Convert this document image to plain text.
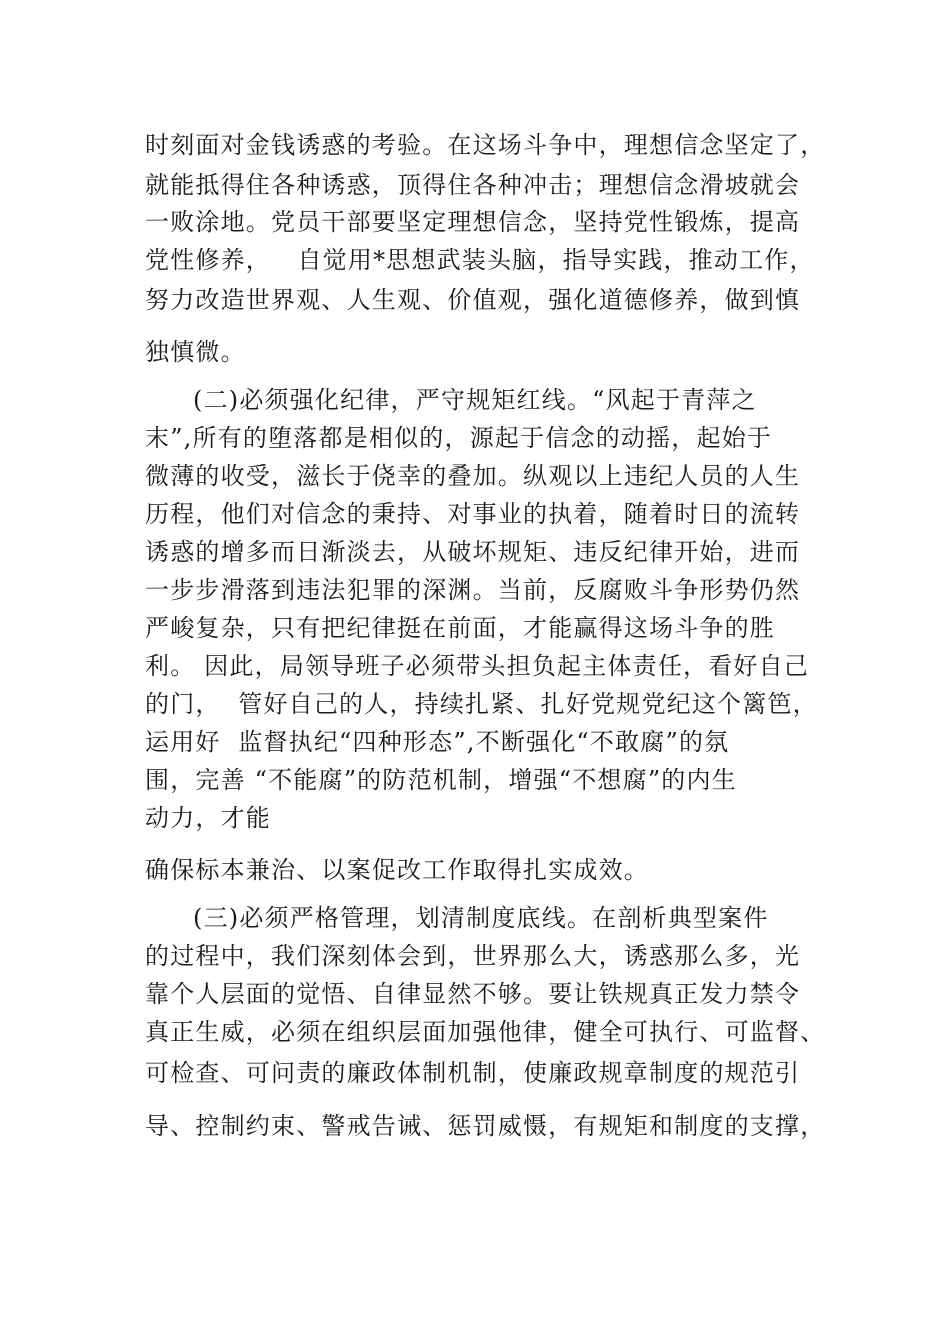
时刻面对金钱诱惑的考验。在这场斗争中，理想信念坚定了，
就能抵得住各种诱惑，顶得住各种冲击；理想信念滑坡就会
一败涂地。党员干部要坚定理想信念，坚持党性锻炼，提高
党性修养，   自觉用*思想武装头脑，指导实践，推动工作，
努力改造世界观、人生观、价值观，强化道德修养，做到慎
独慎微。
(二)必须强化纪律，严守规矩红线。“风起于青萍之
末”,所有的堕落都是相似的，源起于信念的动摇，起始于
微薄的收受，滋长于侥幸的叠加。纵观以上违纪人员的人生
历程，他们对信念的秉持、对事业的执着，随着时日的流转
诱惑的增多而日渐淡去，从破坏规矩、违反纪律开始，进而
一步步滑落到违法犯罪的深渊。当前，反腐败斗争形势仍然
严峻复杂，只有把纪律挺在前面，才能赢得这场斗争的胜
利。 因此，局领导班子必须带头担负起主体责任，看好自己
的门，  管好自己的人，持续扎紧、扎好党规党纪这个篱笆，
运用好  监督执纪“四种形态”,不断强化“不敢腐”的氛
围，完善 “不能腐”的防范机制，增强“不想腐”的内生
动力，才能
确保标本兼治、以案促改工作取得扎实成效。
(三)必须严格管理，划清制度底线。在剖析典型案件
的过程中，我们深刻体会到，世界那么大，诱惑那么多，光
靠个人层面的觉悟、自律显然不够。要让铁规真正发力禁令
真正生威，必须在组织层面加强他律，健全可执行、可监督、
可检查、可问责的廉政体制机制，使廉政规章制度的规范引
导、控制约束、警戒告诫、惩罚威慑，有规矩和制度的支撑，
